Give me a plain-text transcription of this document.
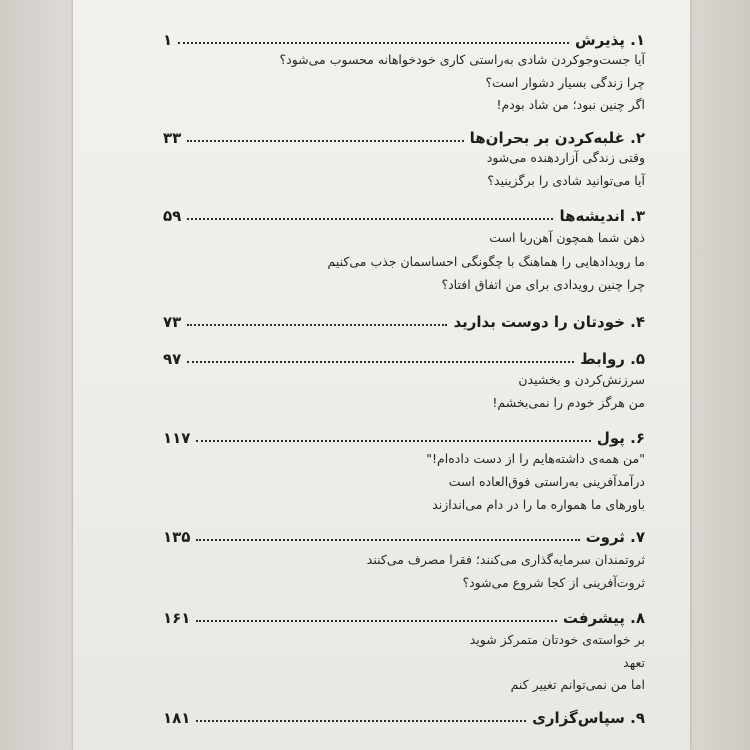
۱. پذیرش
۱
آیا جست‌وجوکردن شادی به‌راستی کاری خودخواهانه محسوب می‌شود؟
چرا زندگی بسیار دشوار است؟
اگر چنین نبود؛ من شاد بودم!
۲. غلبه‌کردن بر بحران‌ها
۳۳
وقتی زندگی آزاردهنده می‌شود
آیا می‌توانید شادی را برگزینید؟
۳. اندیشه‌ها
۵۹
ذهن شما همچون آهن‌ربا است
ما رویدادهایی را هماهنگ با چگونگی احساسمان جذب می‌کنیم
چرا چنین رویدادی برای من اتفاق افتاد؟
۴. خودتان را دوست بدارید
۷۳
۵. روابط
۹۷
سرزنش‌کردن و بخشیدن
من هرگز خودم را نمی‌بخشم!
۶. پول
۱۱۷
"من همه‌ی داشته‌هایم را از دست داده‌ام!"
درآمدآفرینی به‌راستی فوق‌العاده است
باورهای ما همواره ما را در دام می‌اندازند
۷. ثروت
۱۳۵
ثروتمندان سرمایه‌گذاری می‌کنند؛ فقرا مصرف می‌کنند
ثروت‌آفرینی از کجا شروع می‌شود؟
۸. پیشرفت
۱۶۱
بر خواسته‌ی خودتان متمرکز شوید
تعهد
اما من نمی‌توانم تغییر کنم
۹. سپاس‌گزاری
۱۸۱
